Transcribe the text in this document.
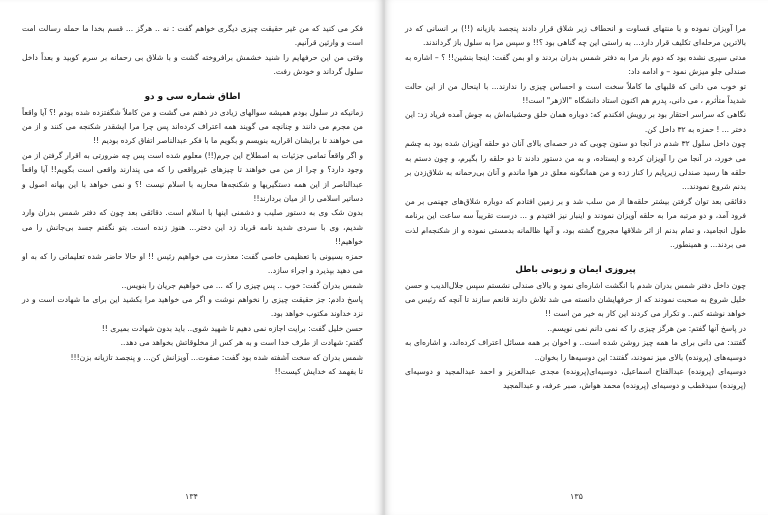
فکر می کنید که من غیر حقیقت چیزی دیگری خواهم گفت : نه .. هرگز ... قسم بخدا ما حمله رسالت امت است و وارثین قرآنیم.

وقتی من این حرفهایم را شنید خشمش برافروخته گشت و با شلاق بی رحمانه بر سرم کوبید و بعداً داخل سلول گرداند و خودش رفت.

اطاق شماره سی و دو

زمانیکه در سلول بودم همیشه سوالهای زیادی در ذهنم می گشت و من کاملاً شگفتزده شده بودم !؟ آیا واقعاً من مجرم می دانند و چنانچه می گویند همه اعتراف کرده‌اند پس چرا مرا ایشقدر شکنجه می کنند و از من می خواهند تا برایشان اقراریه بنویسم و بگویم ما با فکر عبدالناصر اتفاق کرده بودیم !!

و اگر واقعاً تمامی جزئیات به اصطلاح این جرم(!!) معلوم شده است پس چه ضرورتی به اقرار گرفتن از من وجود دارد؟ و چرا از من می خواهند تا چیزهای غیرواقعی را که می پندارند واقعی است بگویم!! آیا واقعاً عبدالناصر از این همه دستگیریها و شکنجه‌ها محاربه با اسلام نیست !؟ و نمی خواهد با این بهانه اصول و دساتیر اسلامی را از میان بردارند!!

بدون شک وی به دستور صلیب و دشمنی اینها با اسلام است. دقائقی بعد چون که دفتر شمس بدران وارد شدیم، وی با سردی شدید نامه قرباد زد این دختر... هنوز زنده است. بتو نگفتم جسد بی‌جانش را می خواهیم!!

حمزه بسیونی با تعظیمی خاصی گفت: معذرت می خواهیم رئیس !! او حالا حاضر شده تعلیماتی را که به او می دهید بپذیرد و اجراء سازد..

شمس بدران گفت: خوب .. پس چیزی را که ... می خواهیم جریان را بنویس..

پاسخ دادم: جز حقیقت چیزی را نخواهم نوشت و اگر می خواهید مرا بکشید این برای ما شهادت است و در نزد خداوند مکتوب خواهد بود.

حسن خلیل گفت: برایت اجازه نمی دهیم تا شهید شوی.. باید بدون شهادت بمیری !!

گفتم: شهادت از طرف خدا است و به هر کس از مخلوقاتش بخواهد می دهد..

شمس بدران که سخت آشفته شده بود گفت: صفوت... آویزانش کن... و پنجصد تازیانه بزن!!!

تا بفهمد که خدایش کیست!!

۱۳۴

مرا آویزان نموده و با منتهای قساوت و انحطاف زیر شلاق قرار دادند پنجصد بازیانه (!!) بر انسانی که در بالاترین مرحله‌ای تکلیف قرار دارد... به راستی این چه گناهی بود ؟!! و سپس مرا به سلول باز گرداندند.

مدتی سپری نشده بود که دوم بار مرا به دفتر شمس بدران بردند و او بمن گفت: اینجا بنشین!! ؟ – اشاره به صندلی جلو میزش نمود – و ادامه داد:

تو خوب می دانی که قلبهای ما کاملاً سخت است و احساس چیزی را ندارند... با اینحال من از این حالت شدیداً متأثرم ، می دانی، پدرم هم اکنون استاد دانشگاه "الازهر" است!!

نگاهی که سراسر احتقار بود بر رویش افکندم که: دوباره همان خلق وحشیانه‌اش به جوش آمده فریاد زد: این دختر ... ! حمزه به ۳۲ داخل کن.

چون داخل سلول ۳۲ شدم در آنجا دو ستون چوبی که در حصه‌ای بالای آنان دو حلقه آویزان شده بود به چشم می خورد، در آنجا من را آویزان کرده و ایستاده، و به من دستور دادند تا دو حلقه را بگیرم، و چون دستم به حلقه ها رسید صندلی زیرپایم را کنار زده و من همانگونه معلق در هوا ماندم و آنان بی‌رحمانه به شلاق‌زدن بر بدنم شروع نمودند...

دقائقی بعد توان گرفتن بیشتر حلقه‌ها از من سلب شد و بر زمین افتادم که دوباره شلاق‌های جهنمی بر من فرود آمد، و دو مرتبه مرا به حلقه آویزان نمودند و اینبار نیز افتیدم و ... درست تقریباً سه ساعت این برنامه طول انجامید، و تمام بدنم از اثر شلاقها مجروح گشته بود، و آنها ظالمانه بدمستی نموده و از شکنجه‌ام لذت می بردند... و همینطور..

پیروزی ایمان و زبونی باطل

چون داخل دفتر شمس بدران شدم با انگشت اشاره‌ای نمود و بالای صندلی نشستم سپس جلال‌الدیب و حسن خلیل شروع به صحبت نمودند که از حرفهایشان دانسته می شد تلاش دارند قانعم سازند تا آنچه که رئیس می خواهد نوشته کنم.. و تکرار می کردند این کار به خیر من است !!

در پاسخ آنها گفتم: من هرگز چیزی را که نمی دانم نمی نویسم..

گفتند: می دانی برای ما همه چیز روشن شده است.. و اخوان بر همه مسائل اعتراف کرده‌اند، و اشاره‌ای به دوسیه‌های (پرونده) بالای میز نمودند، گفتند: این دوسیه‌ها را بخوان..

دوسیه‌ای (پرونده) عبدالفتاح اسماعیل، دوسیه‌ای(پرونده) مجدی عبدالعزیز و احمد عبدالمجید و دوسیه‌ای (پرونده) سیدقطب و دوسیه‌ای (پرونده) محمد هواش، صبر عرفه، و عبدالمجید

۱۳۵
